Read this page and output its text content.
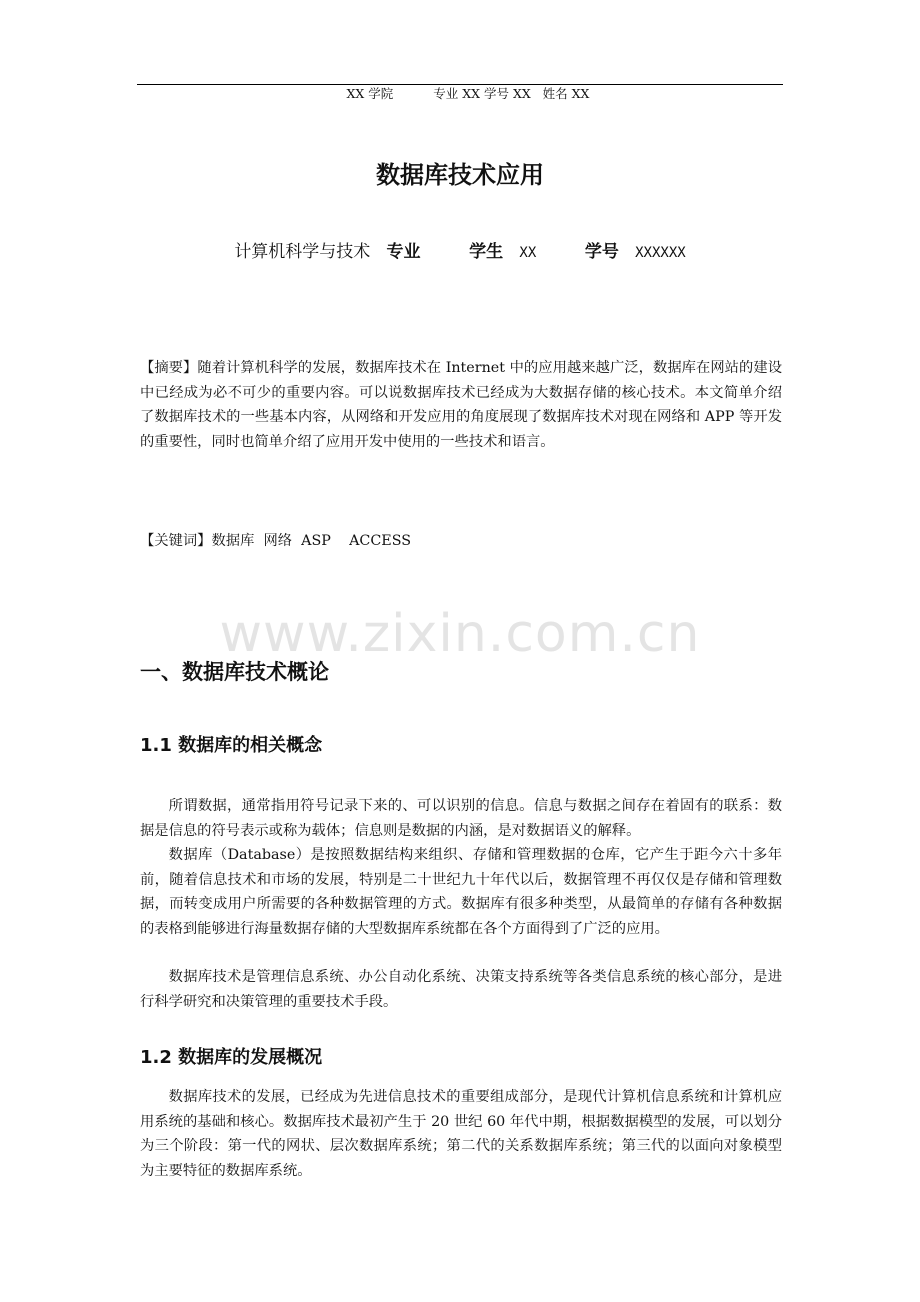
XX 学院	专业 XX 学号 XX   姓名 XX

数据库技术应用
计算机科学与技术 专业	学生 XX	学号 XXXXXX
【摘要】随着计算机科学的发展，数据库技术在 Internet 中的应用越来越广泛，数据库在网站的建设中已经成为必不可少的重要内容。可以说数据库技术已经成为大数据存储的核心技术。本文简单介绍了数据库技术的一些基本内容，从网络和开发应用的角度展现了数据库技术对现在网络和 APP 等开发的重要性，同时也简单介绍了应用开发中使用的一些技术和语言。
【关键词】数据库  网络  ASP    ACCESS
www.zixin.com.cn
一、数据库技术概论
1.1 数据库的相关概念
所谓数据，通常指用符号记录下来的、可以识别的信息。信息与数据之间存在着固有的联系：数据是信息的符号表示或称为载体；信息则是数据的内涵，是对数据语义的解释。
数据库（Database）是按照数据结构来组织、存储和管理数据的仓库，它产生于距今六十多年前，随着信息技术和市场的发展，特别是二十世纪九十年代以后，数据管理不再仅仅是存储和管理数据，而转变成用户所需要的各种数据管理的方式。数据库有很多种类型，从最简单的存储有各种数据的表格到能够进行海量数据存储的大型数据库系统都在各个方面得到了广泛的应用。
数据库技术是管理信息系统、办公自动化系统、决策支持系统等各类信息系统的核心部分，是进行科学研究和决策管理的重要技术手段。
1.2 数据库的发展概况
数据库技术的发展，已经成为先进信息技术的重要组成部分，是现代计算机信息系统和计算机应用系统的基础和核心。数据库技术最初产生于 20 世纪 60 年代中期，根据数据模型的发展，可以划分为三个阶段：第一代的网状、层次数据库系统；第二代的关系数据库系统；第三代的以面向对象模型为主要特征的数据库系统。
